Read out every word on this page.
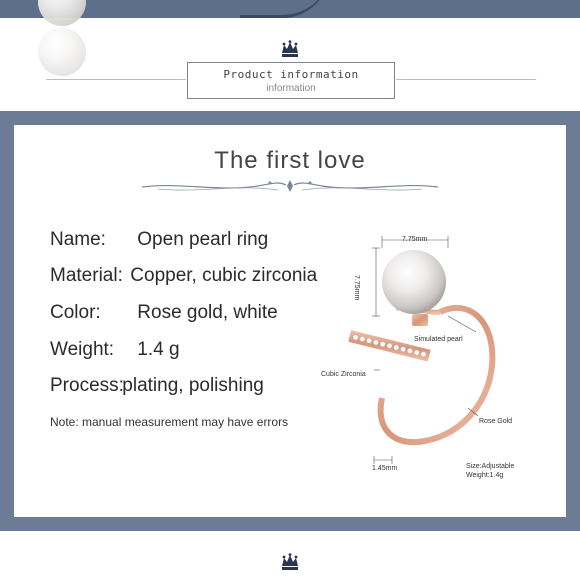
Product information
information
The first love
Name: Open pearl ring
Material: Copper, cubic zirconia
Color: Rose gold, white
Weight: 1.4 g
Process: plating, polishing
Note: manual measurement may have errors
7.75mm
7.75mm
Simulated pearl
Cubic Zirconia
Rose Gold
1.45mm	Size:Adjustable
Weight:1.4g
